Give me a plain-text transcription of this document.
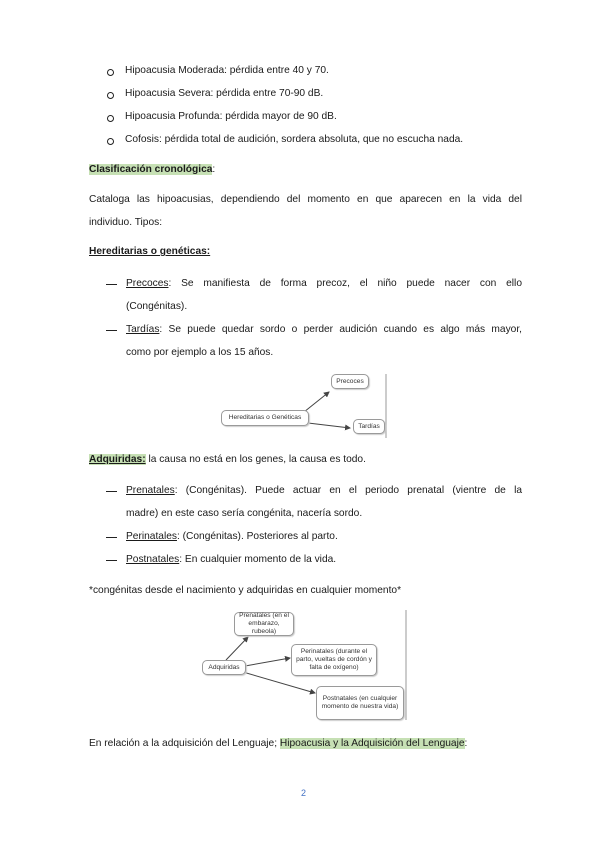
Hipoacusia Moderada: pérdida entre 40 y 70.
Hipoacusia Severa: pérdida entre 70-90 dB.
Hipoacusia Profunda: pérdida mayor de 90 dB.
Cofosis: pérdida total de audición, sordera absoluta, que no escucha nada.
Clasificación cronológica:
Cataloga las hipoacusias, dependiendo del momento en que aparecen en la vida del
individuo. Tipos:
Hereditarias o genéticas:
Precoces: Se manifiesta de forma precoz, el niño puede nacer con ello
(Congénitas).
Tardías: Se puede quedar sordo o perder audición cuando es algo más mayor,
como por ejemplo a los 15 años.
Hereditarias o Genéticas
Precoces
Tardías
Adquiridas: la causa no está en los genes, la causa es todo.
Prenatales: (Congénitas). Puede actuar en el periodo prenatal (vientre de la
madre) en este caso sería congénita, nacería sordo.
Perinatales: (Congénitas). Posteriores al parto.
Postnatales: En cualquier momento de la vida.
*congénitas desde el nacimiento y adquiridas en cualquier momento*
Adquiridas
Prenatales (en el embarazo, rubeola)
Perinatales (durante el parto, vueltas de cordón y falta de oxígeno)
Postnatales (en cualquier momento de nuestra vida)
En relación a la adquisición del Lenguaje; Hipoacusia y la Adquisición del Lenguaje:
2
